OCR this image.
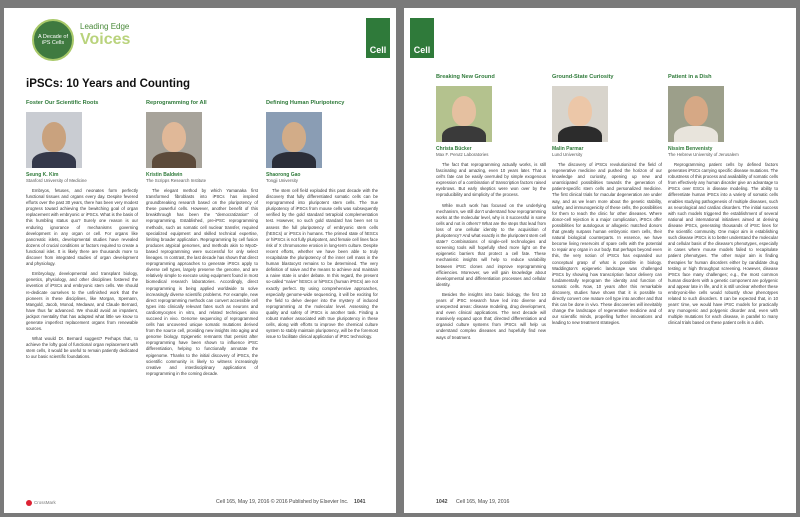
Cell
A Decade of iPS Cells
Leading Edge
Voices
iPSCs: 10 Years and Counting
Foster Our Scientific Roots
Seung K. Kim
Stanford University of Medicine

Embryos, fetuses, and neonates form perfectly functional tissues and organs every day. Despite fevered efforts over the past 30 years, there has been very modest progress toward achieving the bewitching goal of organ replacement with embryonic or iPSCs. What is the basis of this humbling status quo? Surely one reason is our enduring ignorance of mechanisms governing development in any organ or cell. For organs like pancreatic islets, developmental studies have revealed dozens of crucial conditions or factors required to create a functional islet. It is likely there are thousands more to discover from integrated studies of organ development and physiology.

Embryology, developmental and transplant biology, genetics, physiology, and other disciplines fostered the invention of iPSCs and embryonic stem cells. We should re-dedicate ourselves to the unfinished work that the pioneers in these disciplines, like Morgan, Spemann, Mangold, Jacob, Monod, Medawar, and Claude Bernard, have thus far advanced. We should avoid an impatient, jackpot mentality that has adapted what little we know to generate imperfect replacement organs from renewable sources.

What would Dr. Bernard suggest? Perhaps that, to achieve the lofty goal of functional organ replacement with stem cells, it would be useful to remain patiently dedicated to our basic scientific foundations.

Reprogramming for All
Kristin Baldwin
The Scripps Research Institute

The elegant method by which Yamanaka first transformed fibroblasts into iPSCs has inspired groundbreaking research based on the pluripotency of these powerful cells. However, another benefit of this breakthrough has been the "democratization" of reprogramming. Established, pre-iPSC reprogramming methods, such as somatic cell nuclear transfer, required specialized equipment and skilled technical expertise, limiting broader application. Reprogramming by cell fusion produces atypical genomes, and methods akin to MyoD-based reprogramming were successful for only select lineages. In contrast, the last decade has shown that direct reprogramming approaches to generate iPSCs apply to diverse cell types, largely preserve the genome, and are relatively simple to execute using equipment found in most biomedical research laboratories. Accordingly, direct reprogramming is being applied worldwide to solve increasingly diverse scientific problems. For example, new direct reprogramming methods can convert accessible cell types into clinically relevant fates such as neurons and cardiomyocytes in vitro, and related techniques also succeed in vivo. Genome sequencing of reprogrammed cells has uncovered unique somatic mutations derived from the source cell, providing new insights into aging and genome biology. Epigenetic remnants that persist after reprogramming have been shown to influence iPSC differentiation, helping to functionally annotate the epigenome. Thanks to the initial discovery of iPSCs, the scientific community is likely to witness increasingly creative and interdisciplinary applications of reprogramming in the coming decade.

Defining Human Pluripotency
Shaorong Gao
Tongji University

The stem cell field exploded this past decade with the discovery that fully differentiated somatic cells can be reprogrammed into pluripotent stem cells. The true pluripotency of iPSCs from mouse cells was subsequently verified by the gold standard tetraploid complementation test. However, no such gold standard has been set to assess the full pluripotency of embryonic stem cells (hESCs) or iPSCs in humans. The primed state of hESCs or hiPSCs is not fully pluripotent, and female cell lines face risk of X chromosome erosion in long-term culture. Despite recent efforts, whether we have been able to truly recapitulate the pluripotency of the inner cell mass in the human blastocyst remains to be determined. The very definition of naive and the means to achieve and maintain a naive state is under debate. In this regard, the present so-called "naive" hESCs or hiPSCs (human iPSCs) are not exactly perfect. By using comprehensive approaches, especially genome-wide sequencing, it will be exciting for the field to delve deeper into the mystery of induced reprogramming at the molecular level. Assessing the quality and safety of iPSCs is another task. Finding a robust marker associated with true pluripotency in these cells, along with efforts to improve the chemical culture system to stably maintain pluripotency, will be the foremost issue to facilitate clinical application of iPSC technology.

CrossMark	Cell 165, May 19, 2016 © 2016 Published by Elsevier Inc. 1041
Cell
Breaking New Ground
Christa Bücker
Max F. Perutz Laboratories

The fact that reprogramming actually works, is still fascinating and amazing, even 10 years later. That a cell's fate can be easily overruled by simple exogenous expression of a combination of transcription factors raised eyebrows. But early skeptics were won over by the reproducibility and simplicity of the process.

While much work has focused on the underlying mechanism, we still don't understand how reprogramming works at the molecular level, why is it successful in some cells and not in others? What are the steps that lead from loss of one cellular identity to the acquisition of pluripotency? And what exactly is the pluripotent stem cell state? Combinations of single-cell technologies and screening tools will hopefully shed more light on the epigenetic barriers that protect a cell fate. These mechanistic insights will help to reduce variability between iPSC clones and improve reprogramming efficiencies. Moreover, we will gain knowledge about developmental and differentiation processes and cellular identity.

Besides the insights into basic biology, the first 10 years of iPSC research have led into diverse and unexpected areas: disease modeling, drug development, and even clinical applications. The next decade will massively expand upon that; directed differentiation and organoid culture systems from iPSCs will help us understand complex diseases and hopefully find new ways of treatment.

Ground-State Curiosity
Malin Parmar
Lund University

The discovery of iPSCs revolutionized the field of regenerative medicine and pushed the horizon of our knowledge and curiosity, opening up new and unanticipated possibilities towards the generation of patient-specific stem cells and personalized medicine. The first clinical trials for macular degeneration are under way, and as we learn more about the genetic stability, safety, and immunogenicity of these cells, the possibilities for them to reach the clinic for other diseases. Where donor-cell rejection is a major complication, iPSCs offer possibilities for autologous or allogenic matched donors that greatly surpass human embryonic stem cells, their natural biological counterparts. In essence, we have become living reservoirs of spare cells with the potential to repair any organ in our body. But perhaps beyond even this, the very notion of iPSCs has expanded our conceptual grasp of what is possible in biology. Waddington's epigenetic landscape was challenged iPSCs by showing how transcription factor delivery can fundamentally reprogram the identity and function of somatic cells. Now, 10 years after this remarkable discovery, studies have shown that it is possible to directly convert one mature cell type into another and that this can be done in vivo. These discoveries will inevitably change the landscape of regenerative medicine and of our scientific minds, propelling further innovations and leading to new treatment strategies.

Patient in a Dish
Nissim Benvenisty
The Hebrew University of Jerusalem

Reprogramming patient cells by defined factors generates iPSCs carrying specific disease mutations. The robustness of this process and availability of somatic cells from effectively any human disorder give an advantage to iPSCs over ESCs in disease modeling. The ability to differentiate human iPSCs into a variety of somatic cells enables studying pathogenesis of multiple diseases, such as neurological and cardiac disorders. The initial success with such models triggered the establishment of several national and international initiatives aimed at deriving disease iPSCs, generating thousands of iPSC lines for the scientific community. One major aim in establishing such disease iPSCs is to better understand the molecular and cellular basis of the disease's phenotypes, especially in cases where mouse models failed to recapitulate patient phenotypes. The other major aim is finding therapies for human disorders either by candidate drug testing or high throughput screening. However, disease iPSCs face many challenges; e.g., the most common human disorders with a genetic component are polygenic and appear late in life, and it is still unclear whether these embryonic-like cells would robustly show phenotypes related to such disorders. It can be expected that, in 10 years' time, we would have iPSC models for practically any monogenic and polygenic disorder and, even with multiple mutations for each disease, in parallel to many clinical trials based on these patient cells in a dish.

1042 Cell 165, May 19, 2016
